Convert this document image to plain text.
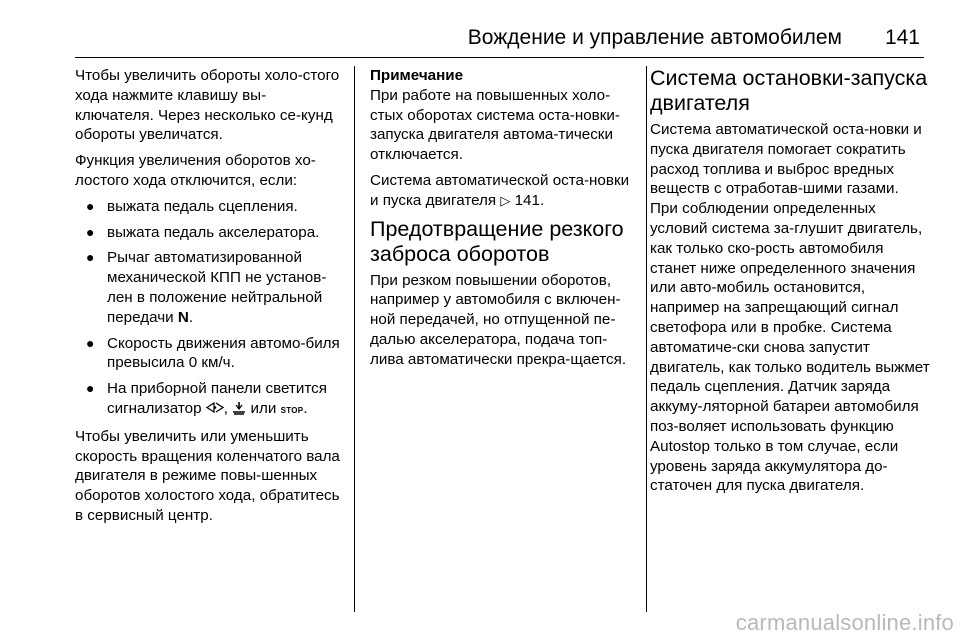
Вождение и управление автомобилем 141

Чтобы увеличить обороты холо-стого хода нажмите клавишу вы-ключателя. Через несколько се-кунд обороты увеличатся.

Функция увеличения оборотов хо-лостого хода отключится, если:

● выжата педаль сцепления.
● выжата педаль акселератора.
● Рычаг автоматизированной механической КПП не установ-лен в положение нейтральной передачи N.
● Скорость движения автомо-биля превысила 0 км/ч.
● На приборной панели светится сигнализатор , или STOP.

Чтобы увеличить или уменьшить скорость вращения коленчатого вала двигателя в режиме повы-шенных оборотов холостого хода, обратитесь в сервисный центр.

Примечание

При работе на повышенных холо-стых оборотах система оста-новки-запуска двигателя автома-тически отключается.

Система автоматической оста-новки и пуска двигателя ▷ 141.

Предотвращение резкого заброса оборотов

При резком повышении оборотов, например у автомобиля с включен-ной передачей, но отпущенной пе-далью акселератора, подача топ-лива автоматически прекра-щается.

Система остановки-запуска двигателя

Система автоматической оста-новки и пуска двигателя помогает сократить расход топлива и выброс вредных веществ с отработав-шими газами. При соблюдении определенных условий система за-глушит двигатель, как только ско-рость автомобиля станет ниже определенного значения или авто-мобиль остановится, например на запрещающий сигнал светофора или в пробке. Система автоматиче-ски снова запустит двигатель, как только водитель выжмет педаль сцепления. Датчик заряда аккуму-ляторной батареи автомобиля поз-воляет использовать функцию Autostop только в том случае, если уровень заряда аккумулятора до-статочен для пуска двигателя.

carmanualsonline.info
